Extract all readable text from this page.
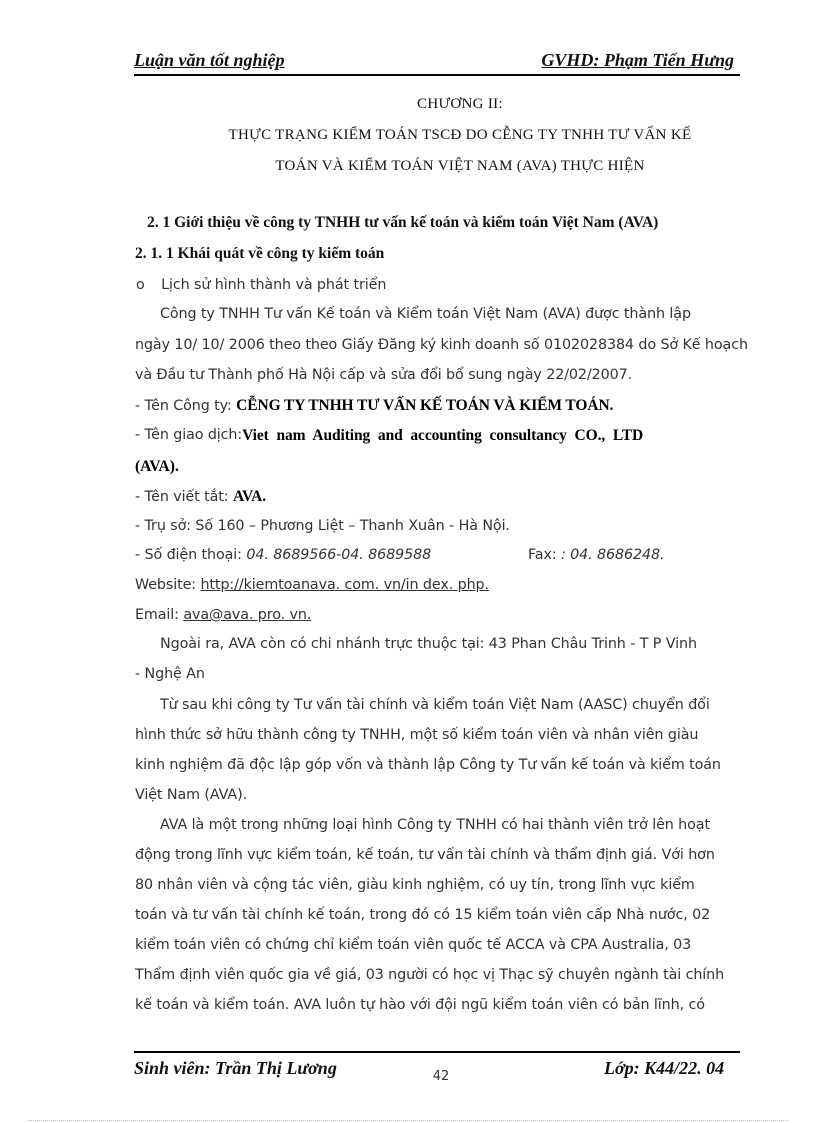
Luận văn tốt nghiệp	GVHD: Phạm Tiến Hưng
CHƯƠNG II:
THỰC TRẠNG KIỂM TOÁN TSCĐ DO CỄNG TY TNHH TƯ VẤN KẾ
TOÁN VÀ KIỂM TOÁN VIỆT NAM (AVA) THỰC HIỆN
2. 1 Giới thiệu về công ty TNHH tư vấn kế toán và kiểm toán Việt Nam (AVA)
2. 1. 1 Khái quát về công ty kiểm toán
o Lịch sử hình thành và phát triển
Công ty TNHH Tư vấn Kế toán và Kiểm toán Việt Nam (AVA) được thành lập
ngày 10/ 10/ 2006 theo theo Giấy Đăng ký kinh doanh số 0102028384 do Sở Kế hoạch
và Đầu tư Thành phố Hà Nội cấp và sửa đổi bổ sung ngày 22/02/2007.
- Tên Công ty: CỄNG TY TNHH TƯ VẤN KẾ TOÁN VÀ KIỂM TOÁN.
- Tên giao dịch: Viet nam Auditing and accounting consultancy CO., LTD
(AVA).
- Tên viết tắt: AVA.
- Trụ sở: Số 160 – Phương Liệt – Thanh Xuân - Hà Nội.
- Số điện thoại: 04. 8689566-04. 8689588	Fax: : 04. 8686248.
Website: http://kiemtoanava. com. vn/in dex. php.
Email: ava@ava. pro. vn.
Ngoài ra, AVA còn có chi nhánh trực thuộc tại: 43 Phan Châu Trinh - T P Vinh
- Nghệ An
Từ sau khi công ty Tư vấn tài chính và kiểm toán Việt Nam (AASC) chuyển đổi
hình thức sở hữu thành công ty TNHH, một số kiểm toán viên và nhân viên giàu
kinh nghiệm đã độc lập góp vốn và thành lập Công ty Tư vấn kế toán và kiểm toán
Việt Nam (AVA).
AVA là một trong những loại hình Công ty TNHH có hai thành viên trở lên hoạt
động trong lĩnh vực kiểm toán, kế toán, tư vấn tài chính và thẩm định giá. Với hơn
80 nhân viên và cộng tác viên, giàu kinh nghiệm, có uy tín, trong lĩnh vực kiểm
toán và tư vấn tài chính kế toán, trong đó có 15 kiểm toán viên cấp Nhà nước, 02
kiểm toán viên có chứng chỉ kiểm toán viên quốc tế ACCA và CPA Australia, 03
Thẩm định viên quốc gia về giá, 03 người có học vị Thạc sỹ chuyên ngành tài chính
kế toán và kiểm toán. AVA luôn tự hào với đội ngũ kiểm toán viên có bản lĩnh, có
Sinh viên: Trần Thị Lương	Lớp: K44/22. 04
42
